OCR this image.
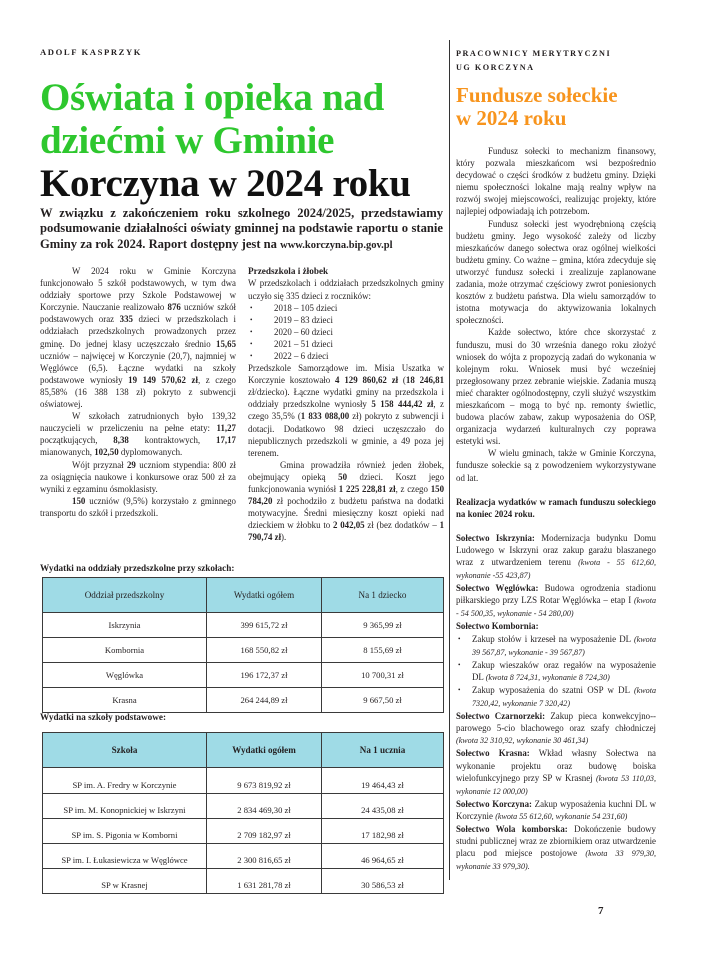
ADOLF KASPRZYK
Oświata i opieka nad
dziećmi w Gminie
Korczyna w 2024 roku
W związku z zakończeniem roku szkolnego 2024/2025, przedstawiamy podsumowanie działalności oświaty gminnej na podstawie raportu o stanie Gminy za rok 2024. Raport dostępny jest na www.korczyna.bip.gov.pl

W 2024 roku w Gminie Korczyna funkcjonowało 5 szkół podstawowych, w tym dwa oddziały sportowe przy Szkole Podstawowej w Korczynie. Nauczanie realizowało 876 uczniów szkół podstawowych oraz 335 dzieci w przedszkolach i oddziałach przedszkolnych prowadzonych przez gminę. Do jednej klasy uczęszczało średnio 15,65 uczniów – najwięcej w Korczynie (20,7), najmniej w Węglówce (6,5). Łączne wydatki na szkoły podstawowe wyniosły 19 149 570,62 zł, z czego 85,58% (16 388 138 zł) pokryto z subwencji oświatowej.

W szkołach zatrudnionych było 139,32 nauczycieli w przeliczeniu na pełne etaty: 11,27 początkujących, 8,38 kontraktowych, 17,17 mianowanych, 102,50 dyplomowanych.

Wójt przyznał 29 uczniom stypendia: 800 zł za osiągnięcia naukowe i konkursowe oraz 500 zł za wyniki z egzaminu ósmoklasisty.

150 uczniów (9,5%) korzystało z gminnego transportu do szkół i przedszkoli.

Przedszkola i żłobek

W przedszkolach i oddziałach przedszkolnych gminy uczyło się 335 dzieci z roczników:

• 2018 – 105 dzieci
• 2019 – 83 dzieci
• 2020 – 60 dzieci
• 2021 – 51 dzieci
• 2022 – 6 dzieci

Przedszkole Samorządowe im. Misia Uszatka w Korczynie kosztowało 4 129 860,62 zł (18 246,81 zł/dziecko). Łączne wydatki gminy na przedszkola i oddziały przedszkolne wyniosły 5 158 444,42 zł, z czego 35,5% (1 833 088,00 zł) pokryto z subwencji i dotacji. Dodatkowo 98 dzieci uczęszczało do niepublicznych przedszkoli w gminie, a 49 poza jej terenem.

Gmina prowadziła również jeden żłobek, obejmujący opieką 50 dzieci. Koszt jego funkcjonowania wyniósł 1 225 228,81 zł, z czego 150 784,20 zł pochodziło z budżetu państwa na dodatki motywacyjne. Średni miesięczny koszt opieki nad dzieckiem w żłobku to 2 042,05 zł (bez dodatków – 1 790,74 zł).

Wydatki na oddziały przedszkolne przy szkołach:
Oddział przedszkolny	Wydatki ogółem	Na 1 dziecko
Iskrzynia	399 615,72 zł	9 365,99 zł
Kombornia	168 550,82 zł	8 155,69 zł
Węglówka	196 172,37 zł	10 700,31 zł
Krasna	264 244,89 zł	9 667,50 zł
Wydatki na szkoły podstawowe:
Szkoła	Wydatki ogółem	Na 1 ucznia
SP im. A. Fredry w Korczynie	9 673 819,92 zł	19 464,43 zł
SP im. M. Konopnickiej w Iskrzyni	2 834 469,30 zł	24 435,08 zł
SP im. S. Pigonia w Komborni	2 709 182,97 zł	17 182,98 zł
SP im. I. Łukasiewicza w Węglówce	2 300 816,65 zł	46 964,65 zł
SP w Krasnej	1 631 281,78 zł	30 586,53 zł
PRACOWNICY MERYTRYCZNI
UG KORCZYNA
Fundusze sołeckie
w 2024 roku

Fundusz sołecki to mechanizm finansowy, który pozwala mieszkańcom wsi bezpośrednio decydować o części środków z budżetu gminy. Dzięki niemu społeczności lokalne mają realny wpływ na rozwój swojej miejscowości, realizując projekty, które najlepiej odpowiadają ich potrzebom.

Fundusz sołecki jest wyodrębnioną częścią budżetu gminy. Jego wysokość zależy od liczby mieszkańców danego sołectwa oraz ogólnej wielkości budżetu gminy. Co ważne – gmina, która zdecyduje się utworzyć fundusz sołecki i zrealizuje zaplanowane zadania, może otrzymać częściowy zwrot poniesionych kosztów z budżetu państwa. Dla wielu samorządów to istotna motywacja do aktywizowania lokalnych społeczności.

Każde sołectwo, które chce skorzystać z funduszu, musi do 30 września danego roku złożyć wniosek do wójta z propozycją zadań do wykonania w kolejnym roku. Wniosek musi być wcześniej przegłosowany przez zebranie wiejskie. Zadania muszą mieć charakter ogólnodostępny, czyli służyć wszystkim mieszkańcom – mogą to być np. remonty świetlic, budowa placów zabaw, zakup wyposażenia do OSP, organizacja wydarzeń kulturalnych czy poprawa estetyki wsi.

W wielu gminach, także w Gminie Korczyna, fundusze sołeckie są z powodzeniem wykorzystywane od lat.

Realizacja wydatków w ramach funduszu sołeckiego na koniec 2024 roku.

Sołectwo Iskrzynia: Modernizacja budynku Domu Ludowego w Iskrzyni oraz zakup garażu blaszanego wraz z utwardzeniem terenu (kwota - 55 612,60, wykonanie -55 423,87)

Sołectwo Węglówka: Budowa ogrodzenia stadionu piłkarskiego przy LZS Rotar Węglówka – etap I (kwota - 54 500,35, wykonanie - 54 280,00)

Sołectwo Kombornia:

• Zakup stołów i krzeseł na wyposażenie DL (kwota 39 567,87, wykonanie - 39 567,87)
• Zakup wieszaków oraz regałów na wyposażenie DL (kwota 8 724,31, wykonanie 8 724,30)
• Zakup wyposażenia do szatni OSP w DL (kwota 7320,42, wykonanie 7 320,42)

Sołectwo Czarnorzeki: Zakup pieca konwekcyjno--parowego 5-cio blachowego oraz szafy chłodniczej (kwota 32 310,92, wykonanie 30 461,34)

Sołectwo Krasna: Wkład własny Sołectwa na wykonanie projektu oraz budowę boiska wielofunkcyjnego przy SP w Krasnej (kwota 53 110,03, wykonanie 12 000,00)

Sołectwo Korczyna: Zakup wyposażenia kuchni DL w Korczynie (kwota 55 612,60, wykonanie 54 231,60)

Sołectwo Wola komborska: Dokończenie budowy studni publicznej wraz ze zbiornikiem oraz utwardzenie placu pod miejsce postojowe (kwota 33 979,30, wykonanie 33 979,30).

7
